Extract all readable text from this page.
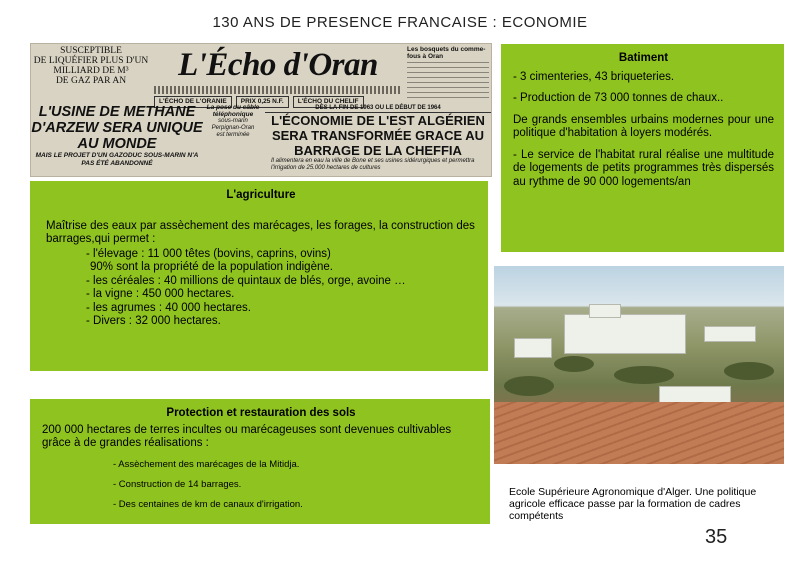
130 ANS DE PRESENCE FRANCAISE : ECONOMIE
SUSCEPTIBLE
DE LIQUÉFIER PLUS D'UN
MILLIARD DE M³
DE GAZ PAR AN	L'Écho d'Oran
L'ÉCHO DE L'ORANIE	PRIX 0,25 N.F.	L'ÉCHO DU CHELIF
Les bosquets du comme-fous à Oran
L'USINE DE METHANE D'ARZEW SERA UNIQUE AU MONDE
MAIS LE PROJET D'UN GAZODUC SOUS-MARIN N'A PAS ÉTÉ ABANDONNÉ
La pose du câble
téléphonique
sous-marin
Perpignan-Oran
est terminée
DÈS LA FIN DE 1963 OU LE DÉBUT DE 1964
L'ÉCONOMIE DE L'EST ALGÉRIEN SERA TRANSFORMÉE GRACE AU BARRAGE DE LA CHEFFIA
Il alimentera en eau la ville de Bone et ses usines sidérurgiques et permettra l'irrigation de 25.000 hectares de cultures
Batiment

- 3 cimenteries, 43 briqueteries.

- Production de 73 000 tonnes de chaux..

De grands ensembles urbains modernes pour une politique d'habitation à loyers modérés.

- Le service de l'habitat rural réalise une multitude de logements de petits programmes très dispersés au rythme de 90 000 logements/an

L'agriculture

Maîtrise des eaux par assèchement des marécages, les forages, la construction des barrages,qui permet :

- l'élevage : 11 000 têtes (bovins, caprins, ovins)
90% sont la propriété de la population indigène.
- les céréales : 40 millions de quintaux de blés, orge, avoine …
- la vigne : 450 000 hectares.
- les agrumes : 40 000 hectares.
- Divers : 32 000 hectares.
Ecole Supérieure Agronomique d'Alger. Une politique agricole efficace passe par la formation de cadres compétents
Protection et restauration des sols

200 000 hectares de terres incultes ou marécageuses sont devenues cultivables grâce à de grandes réalisations :

- Assèchement des marécages de la Mitidja.
- Construction de 14 barrages.
- Des centaines de km de canaux d'irrigation.
35
